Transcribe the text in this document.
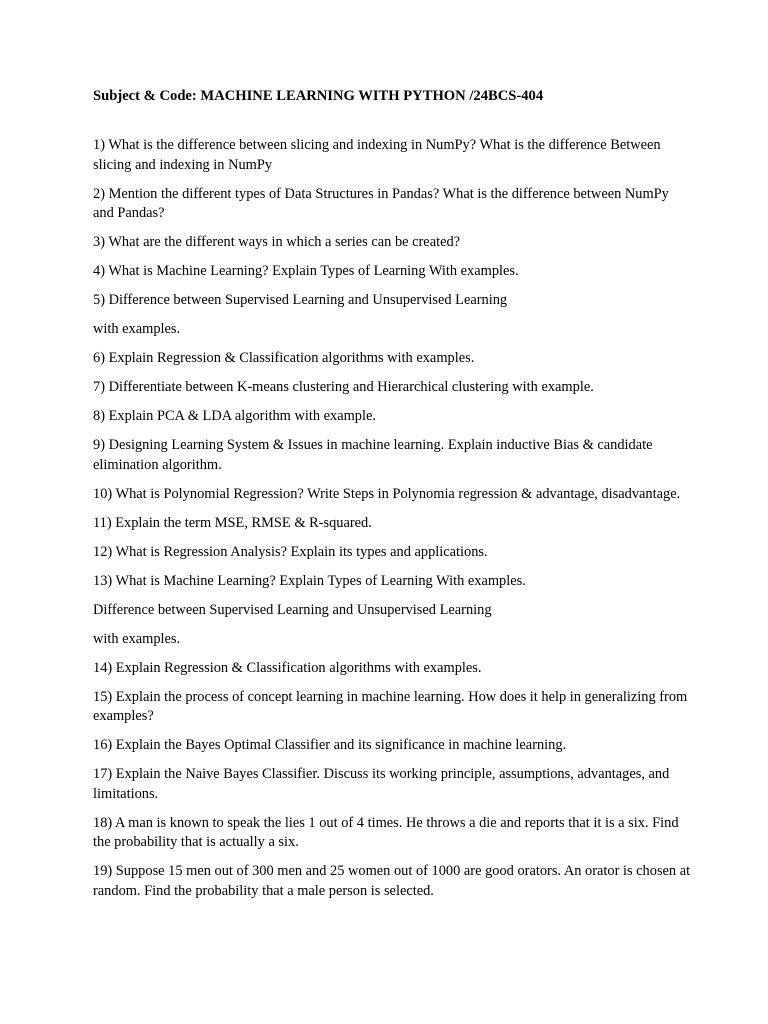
Subject & Code: MACHINE LEARNING WITH PYTHON /24BCS-404

1) What is the difference between slicing and indexing in NumPy? What is the difference Between slicing and indexing in NumPy

2) Mention the different types of Data Structures in Pandas? What is the difference between NumPy and Pandas?

3) What are the different ways in which a series can be created?

4) What is Machine Learning? Explain Types of Learning With examples.

5) Difference between Supervised Learning and Unsupervised Learning

with examples.

6) Explain Regression & Classification algorithms with examples.

7) Differentiate between K-means clustering and Hierarchical clustering with example.

8) Explain PCA & LDA algorithm with example.

9) Designing Learning System & Issues in machine learning. Explain inductive Bias & candidate elimination algorithm.

10) What is Polynomial Regression? Write Steps in Polynomia regression & advantage, disadvantage.

11) Explain the term MSE, RMSE & R-squared.

12) What is Regression Analysis? Explain its types and applications.

13) What is Machine Learning? Explain Types of Learning With examples.

Difference between Supervised Learning and Unsupervised Learning

with examples.

14) Explain Regression & Classification algorithms with examples.

15) Explain the process of concept learning in machine learning. How does it help in generalizing from examples?

16) Explain the Bayes Optimal Classifier and its significance in machine learning.

17) Explain the Naive Bayes Classifier. Discuss its working principle, assumptions, advantages, and limitations.

18) A man is known to speak the lies 1 out of 4 times. He throws a die and reports that it is a six. Find the probability that is actually a six.

19) Suppose 15 men out of 300 men and 25 women out of 1000 are good orators. An orator is chosen at random. Find the probability that a male person is selected.
